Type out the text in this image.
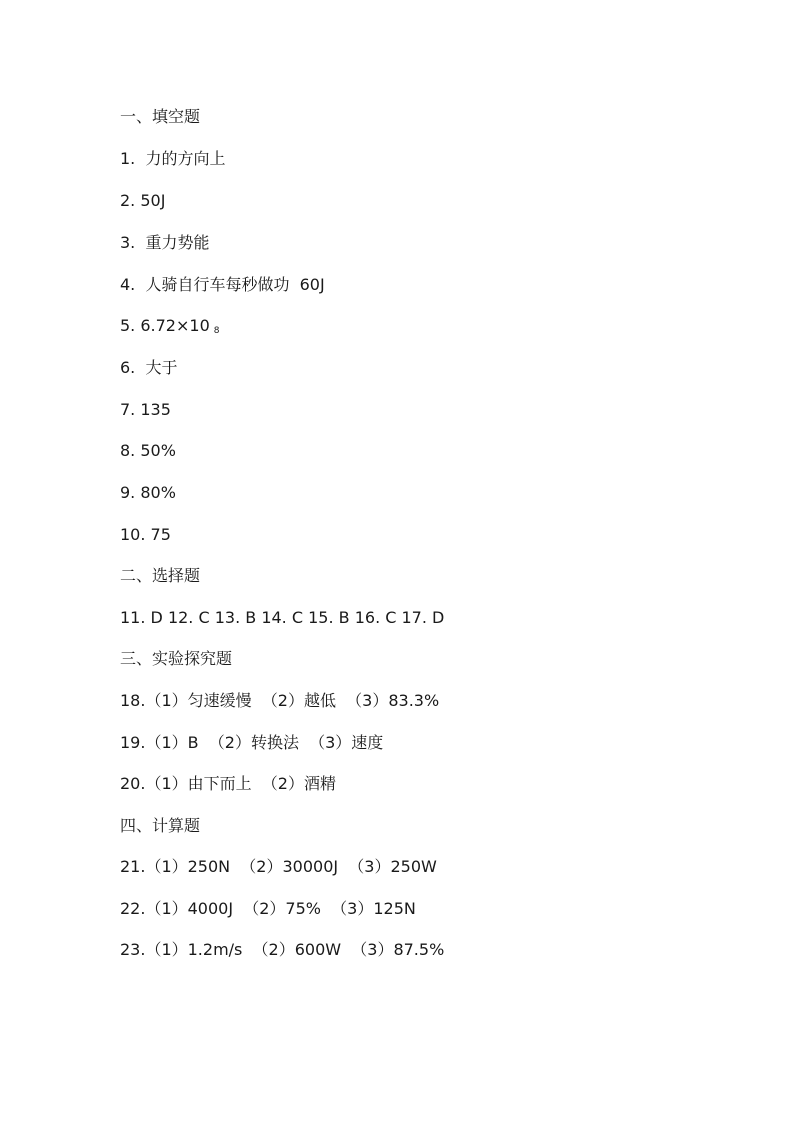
一、填空题
1.  力的方向上
2. 50J
3.  重力势能
4.  人骑自行车每秒做功  60J
5. 6.72×10 8
6.  大于
7. 135
8. 50%
9. 80%
10. 75
二、选择题
11. D 12. C 13. B 14. C 15. B 16. C 17. D
三、实验探究题
18.（1）匀速缓慢  （2）越低  （3）83.3%
19.（1）B  （2）转换法  （3）速度
20.（1）由下而上  （2）酒精
四、计算题
21.（1）250N  （2）30000J  （3）250W
22.（1）4000J  （2）75%  （3）125N
23.（1）1.2m/s  （2）600W  （3）87.5%
